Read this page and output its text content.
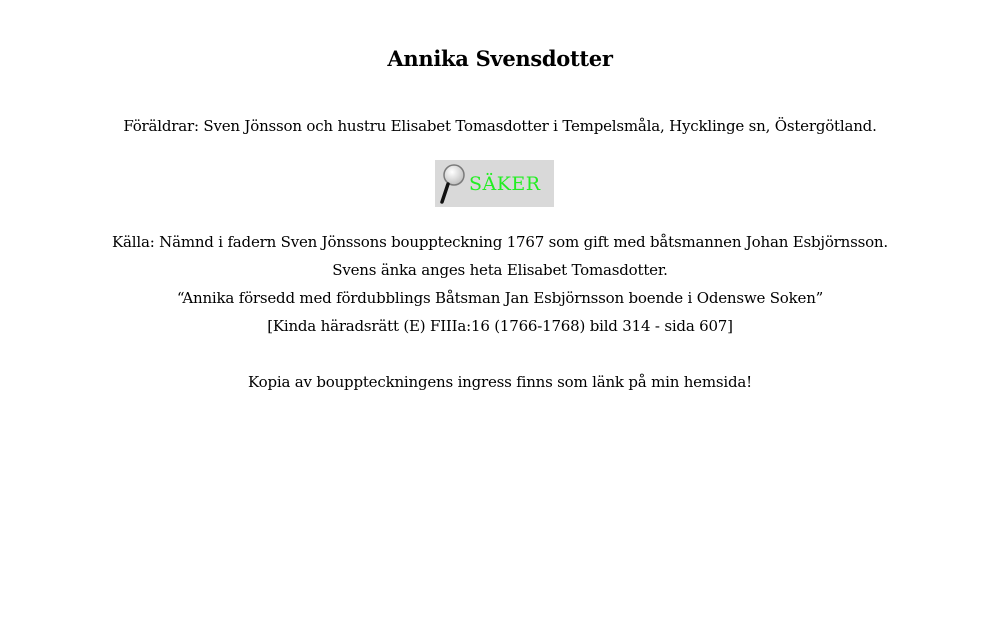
Annika Svensdotter
Föräldrar: Sven Jönsson och hustru Elisabet Tomasdotter i Tempelsmåla, Hycklinge sn, Östergötland.
SÄKER
Källa: Nämnd i fadern Sven Jönssons bouppteckning 1767 som gift med båtsmannen Johan Esbjörnsson.
Svens änka anges heta Elisabet Tomasdotter.
“Annika försedd med fördubblings Båtsman Jan Esbjörnsson boende i Odenswe Soken”
[Kinda häradsrätt (E) FIIIa:16 (1766-1768) bild 314 - sida 607]
Kopia av bouppteckningens ingress finns som länk på min hemsida!
